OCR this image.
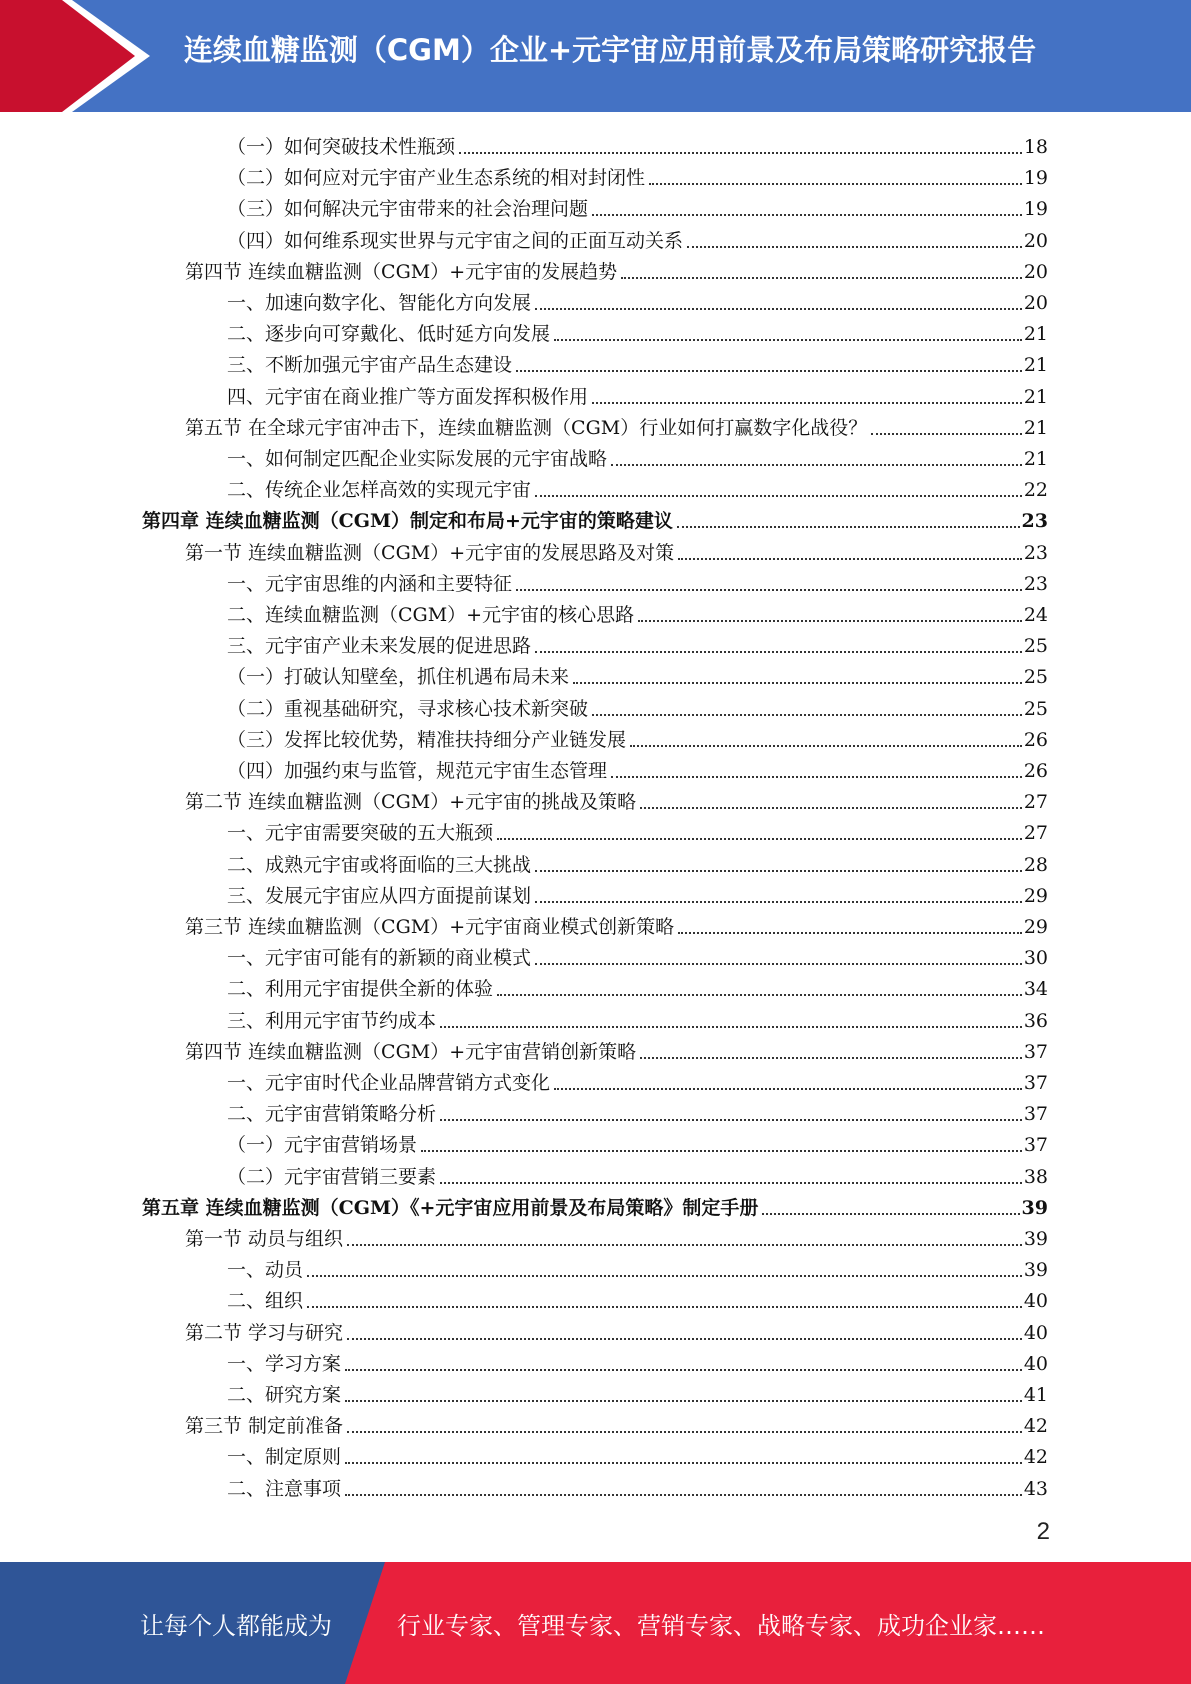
连续血糖监测（CGM）企业+元宇宙应用前景及布局策略研究报告
（一）如何突破技术性瓶颈	18
（二）如何应对元宇宙产业生态系统的相对封闭性	19
（三）如何解决元宇宙带来的社会治理问题	19
（四）如何维系现实世界与元宇宙之间的正面互动关系	20
第四节 连续血糖监测（CGM）+元宇宙的发展趋势	20
一、加速向数字化、智能化方向发展	20
二、逐步向可穿戴化、低时延方向发展	21
三、不断加强元宇宙产品生态建设	21
四、元宇宙在商业推广等方面发挥积极作用	21
第五节 在全球元宇宙冲击下，连续血糖监测（CGM）行业如何打赢数字化战役？	21
一、如何制定匹配企业实际发展的元宇宙战略	21
二、传统企业怎样高效的实现元宇宙	22
第四章 连续血糖监测（CGM）制定和布局+元宇宙的策略建议	23
第一节 连续血糖监测（CGM）+元宇宙的发展思路及对策	23
一、元宇宙思维的内涵和主要特征	23
二、连续血糖监测（CGM）+元宇宙的核心思路	24
三、元宇宙产业未来发展的促进思路	25
（一）打破认知壁垒，抓住机遇布局未来	25
（二）重视基础研究，寻求核心技术新突破	25
（三）发挥比较优势，精准扶持细分产业链发展	26
（四）加强约束与监管，规范元宇宙生态管理	26
第二节 连续血糖监测（CGM）+元宇宙的挑战及策略	27
一、元宇宙需要突破的五大瓶颈	27
二、成熟元宇宙或将面临的三大挑战	28
三、发展元宇宙应从四方面提前谋划	29
第三节 连续血糖监测（CGM）+元宇宙商业模式创新策略	29
一、元宇宙可能有的新颖的商业模式	30
二、利用元宇宙提供全新的体验	34
三、利用元宇宙节约成本	36
第四节 连续血糖监测（CGM）+元宇宙营销创新策略	37
一、元宇宙时代企业品牌营销方式变化	37
二、元宇宙营销策略分析	37
（一）元宇宙营销场景	37
（二）元宇宙营销三要素	38
第五章 连续血糖监测（CGM）《+元宇宙应用前景及布局策略》制定手册	39
第一节 动员与组织	39
一、动员	39
二、组织	40
第二节 学习与研究	40
一、学习方案	40
二、研究方案	41
第三节 制定前准备	42
一、制定原则	42
二、注意事项	43
2
让每个人都能成为	行业专家、管理专家、营销专家、战略专家、成功企业家……
